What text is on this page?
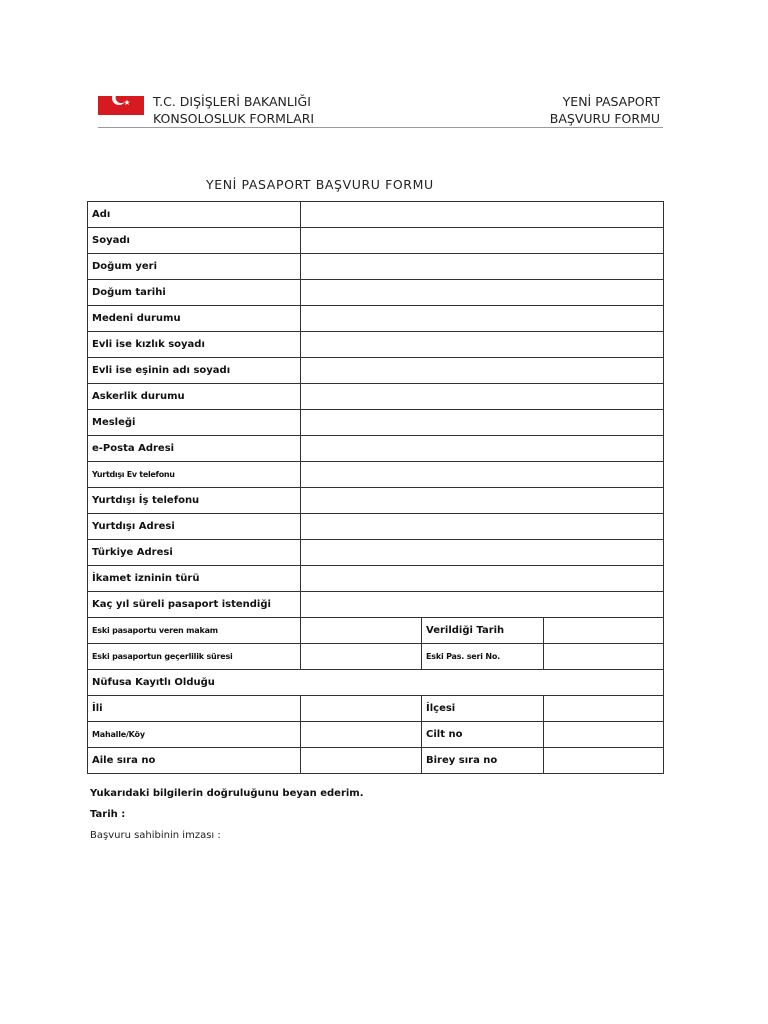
T.C. DIŞİŞLERİ BAKANLIĞI
KONSOLOSLUK FORMLARI
YENİ PASAPORT
BAŞVURU FORMU
YENİ PASAPORT BAŞVURU FORMU
Adı			
Soyadı			
Doğum yeri			
Doğum tarihi			
Medeni durumu			
Evli ise kızlık soyadı			
Evli ise eşinin adı soyadı			
Askerlik durumu			
Mesleği			
e-Posta Adresi			
Yurtdışı Ev telefonu			
Yurtdışı İş telefonu			
Yurtdışı Adresi			
Türkiye Adresi			
İkamet izninin türü			
Kaç yıl süreli pasaport istendiği			
Eski pasaportu veren makam		Verildiği Tarih	
Eski pasaportun geçerlilik süresi		Eski Pas. seri No.	
Nüfusa Kayıtlı Olduğu			
İli		İlçesi	
Mahalle/Köy		Cilt no	
Aile sıra no		Birey sıra no	
Yukarıdaki bilgilerin doğruluğunu beyan ederim.
Tarih :
Başvuru sahibinin imzası :
